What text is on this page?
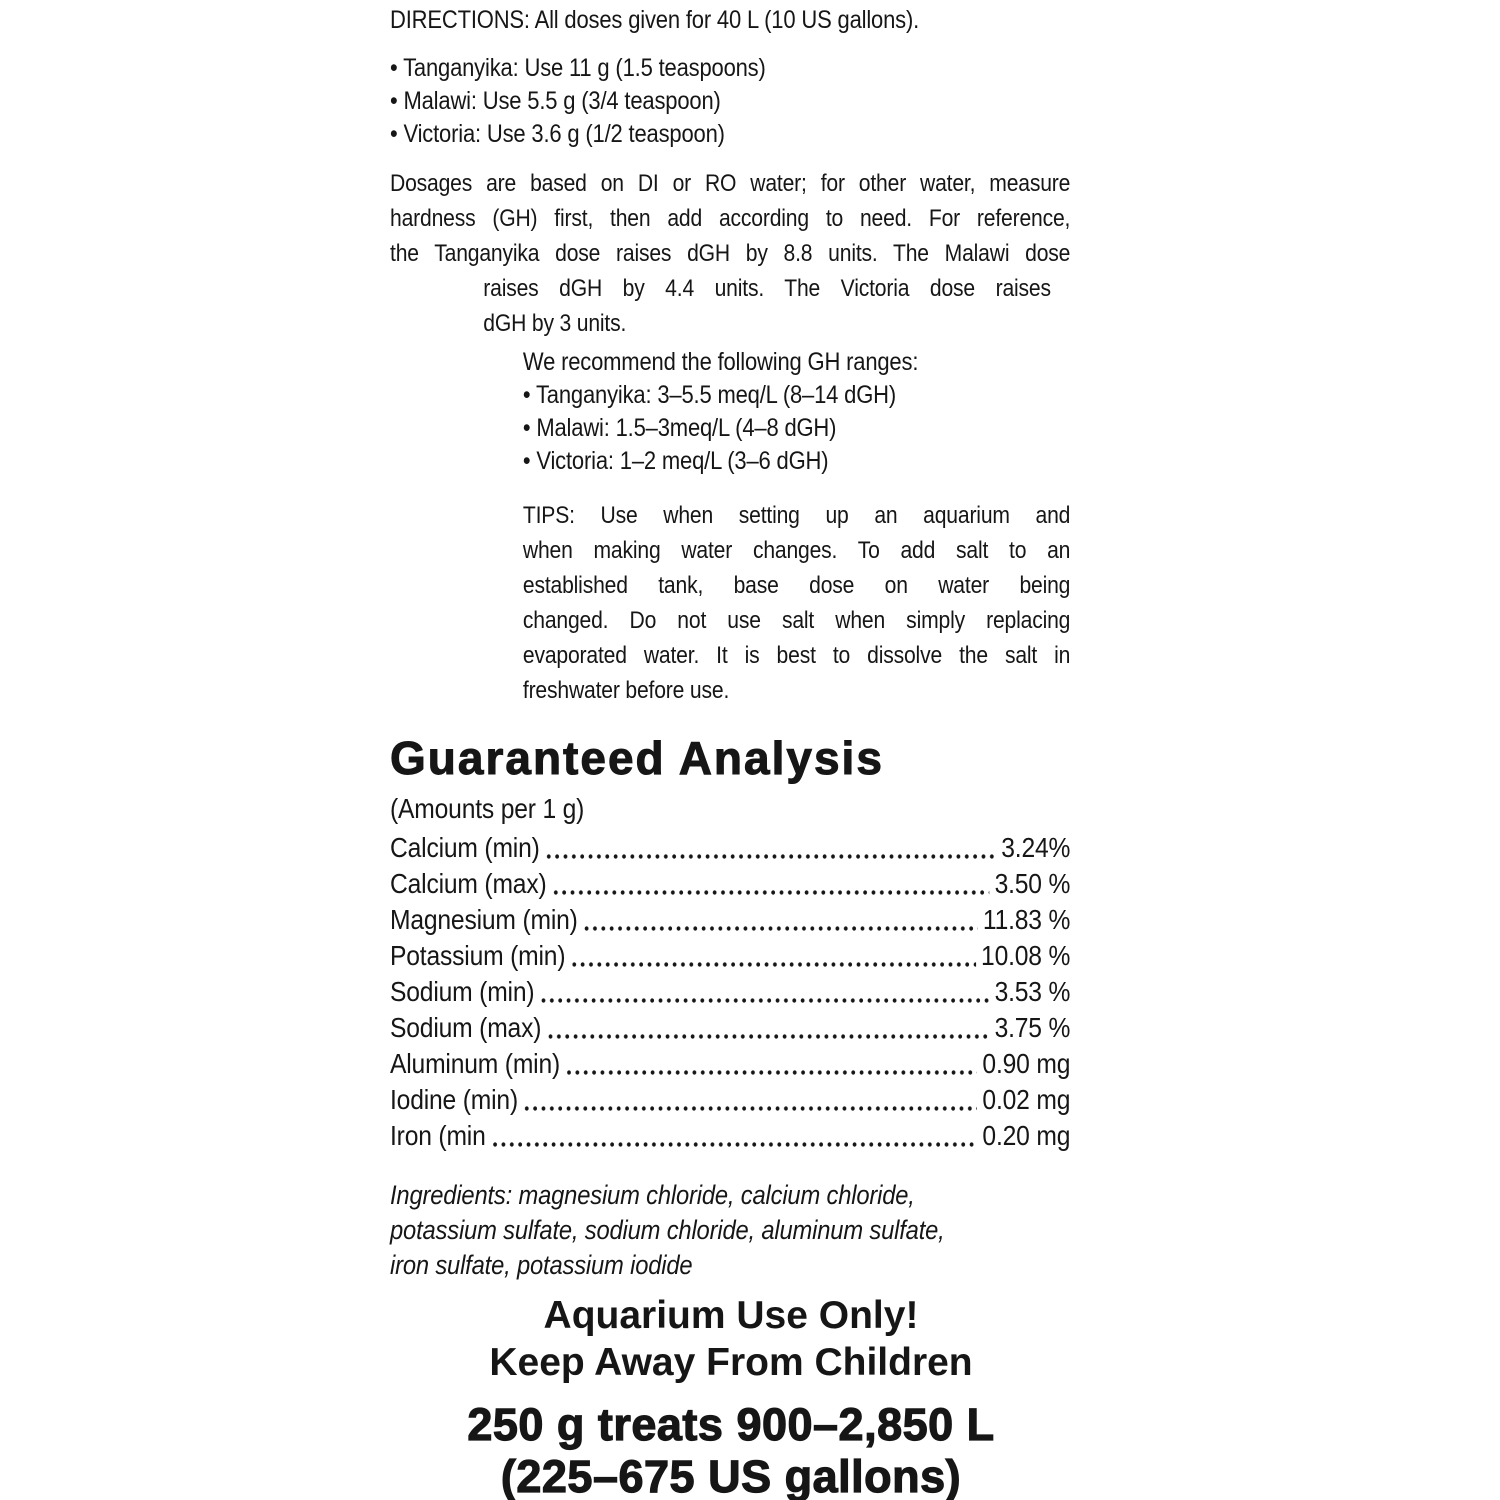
DIRECTIONS: All doses given for 40 L (10 US gallons).
• Tanganyika: Use 11 g (1.5 teaspoons)
• Malawi: Use 5.5 g (3/4 teaspoon)
• Victoria: Use 3.6 g (1/2 teaspoon)
Dosages are based on DI or RO water; for other water, measure
hardness (GH) first, then add according to need. For reference,
the Tanganyika dose raises dGH by 8.8 units. The Malawi dose
raises dGH by 4.4 units. The Victoria dose raises
dGH by 3 units.
We recommend the following GH ranges:
• Tanganyika: 3–5.5 meq/L (8–14 dGH)
• Malawi: 1.5–3meq/L (4–8 dGH)
• Victoria: 1–2 meq/L (3–6 dGH)
TIPS: Use when setting up an aquarium and
when making water changes. To add salt to an
established tank, base dose on water being
changed. Do not use salt when simply replacing
evaporated water. It is best to dissolve the salt in
freshwater before use.
Guaranteed Analysis
(Amounts per 1 g)
Calcium (min)	3.24%
Calcium (max)	3.50 %
Magnesium (min)	11.83 %
Potassium (min)	10.08 %
Sodium (min)	3.53 %
Sodium (max)	3.75 %
Aluminum (min)	0.90 mg
Iodine (min)	0.02 mg
Iron (min	0.20 mg
Ingredients: magnesium chloride, calcium chloride,
potassium sulfate, sodium chloride, aluminum sulfate,
iron sulfate, potassium iodide
Aquarium Use Only!
Keep Away From Children
250 g treats 900–2,850 L
(225–675 US gallons)
